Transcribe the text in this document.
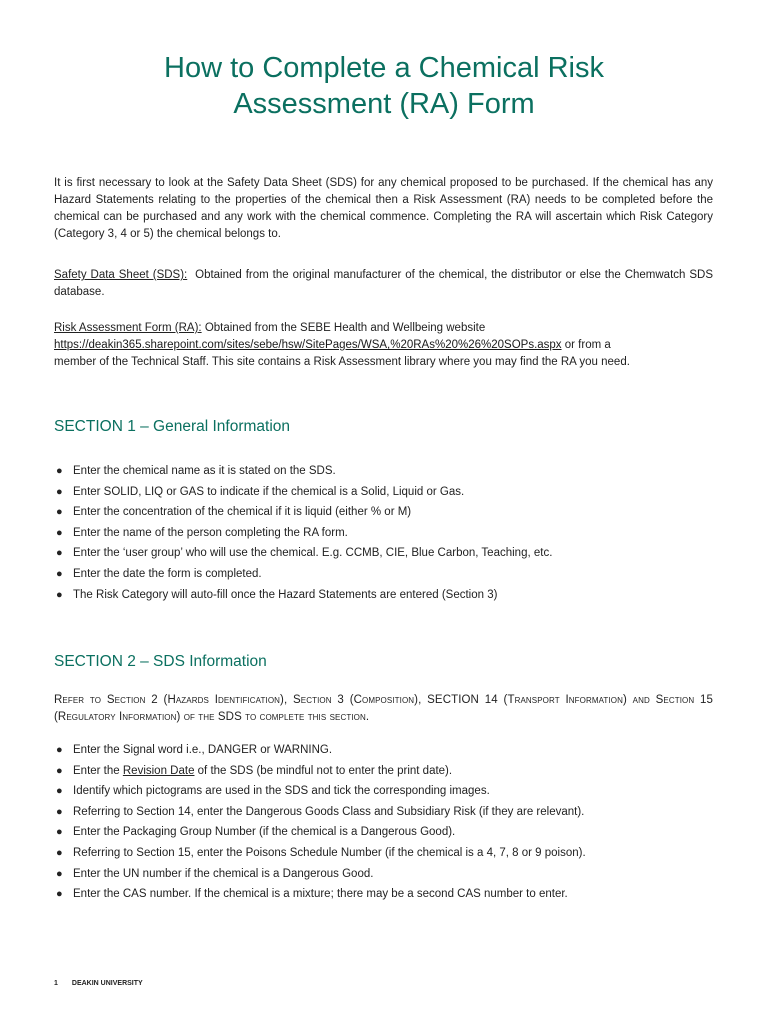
How to Complete a Chemical Risk
Assessment (RA) Form
It is first necessary to look at the Safety Data Sheet (SDS) for any chemical proposed to be purchased. If the chemical has any Hazard Statements relating to the properties of the chemical then a Risk Assessment (RA) needs to be completed before the chemical can be purchased and any work with the chemical commence. Completing the RA will ascertain which Risk Category (Category 3, 4 or 5) the chemical belongs to.
Safety Data Sheet (SDS): Obtained from the original manufacturer of the chemical, the distributor or else the Chemwatch SDS database.
Risk Assessment Form (RA): Obtained from the SEBE Health and Wellbeing website
https://deakin365.sharepoint.com/sites/sebe/hsw/SitePages/WSA,%20RAs%20%26%20SOPs.aspx or from a
member of the Technical Staff. This site contains a Risk Assessment library where you may find the RA you need.
SECTION 1 – General Information
● Enter the chemical name as it is stated on the SDS.
● Enter SOLID, LIQ or GAS to indicate if the chemical is a Solid, Liquid or Gas.
● Enter the concentration of the chemical if it is liquid (either % or M)
● Enter the name of the person completing the RA form.
● Enter the ‘user group’ who will use the chemical. E.g. CCMB, CIE, Blue Carbon, Teaching, etc.
● Enter the date the form is completed.
● The Risk Category will auto-fill once the Hazard Statements are entered (Section 3)
SECTION 2 – SDS Information
Refer to Section 2 (Hazards Identification), Section 3 (Composition), SECTION 14 (Transport Information) and Section 15 (Regulatory Information) of the SDS to complete this section.
● Enter the Signal word i.e., DANGER or WARNING.
● Enter the Revision Date of the SDS (be mindful not to enter the print date).
● Identify which pictograms are used in the SDS and tick the corresponding images.
● Referring to Section 14, enter the Dangerous Goods Class and Subsidiary Risk (if they are relevant).
● Enter the Packaging Group Number (if the chemical is a Dangerous Good).
● Referring to Section 15, enter the Poisons Schedule Number (if the chemical is a 4, 7, 8 or 9 poison).
● Enter the UN number if the chemical is a Dangerous Good.
● Enter the CAS number. If the chemical is a mixture; there may be a second CAS number to enter.
1 DEAKIN UNIVERSITY
